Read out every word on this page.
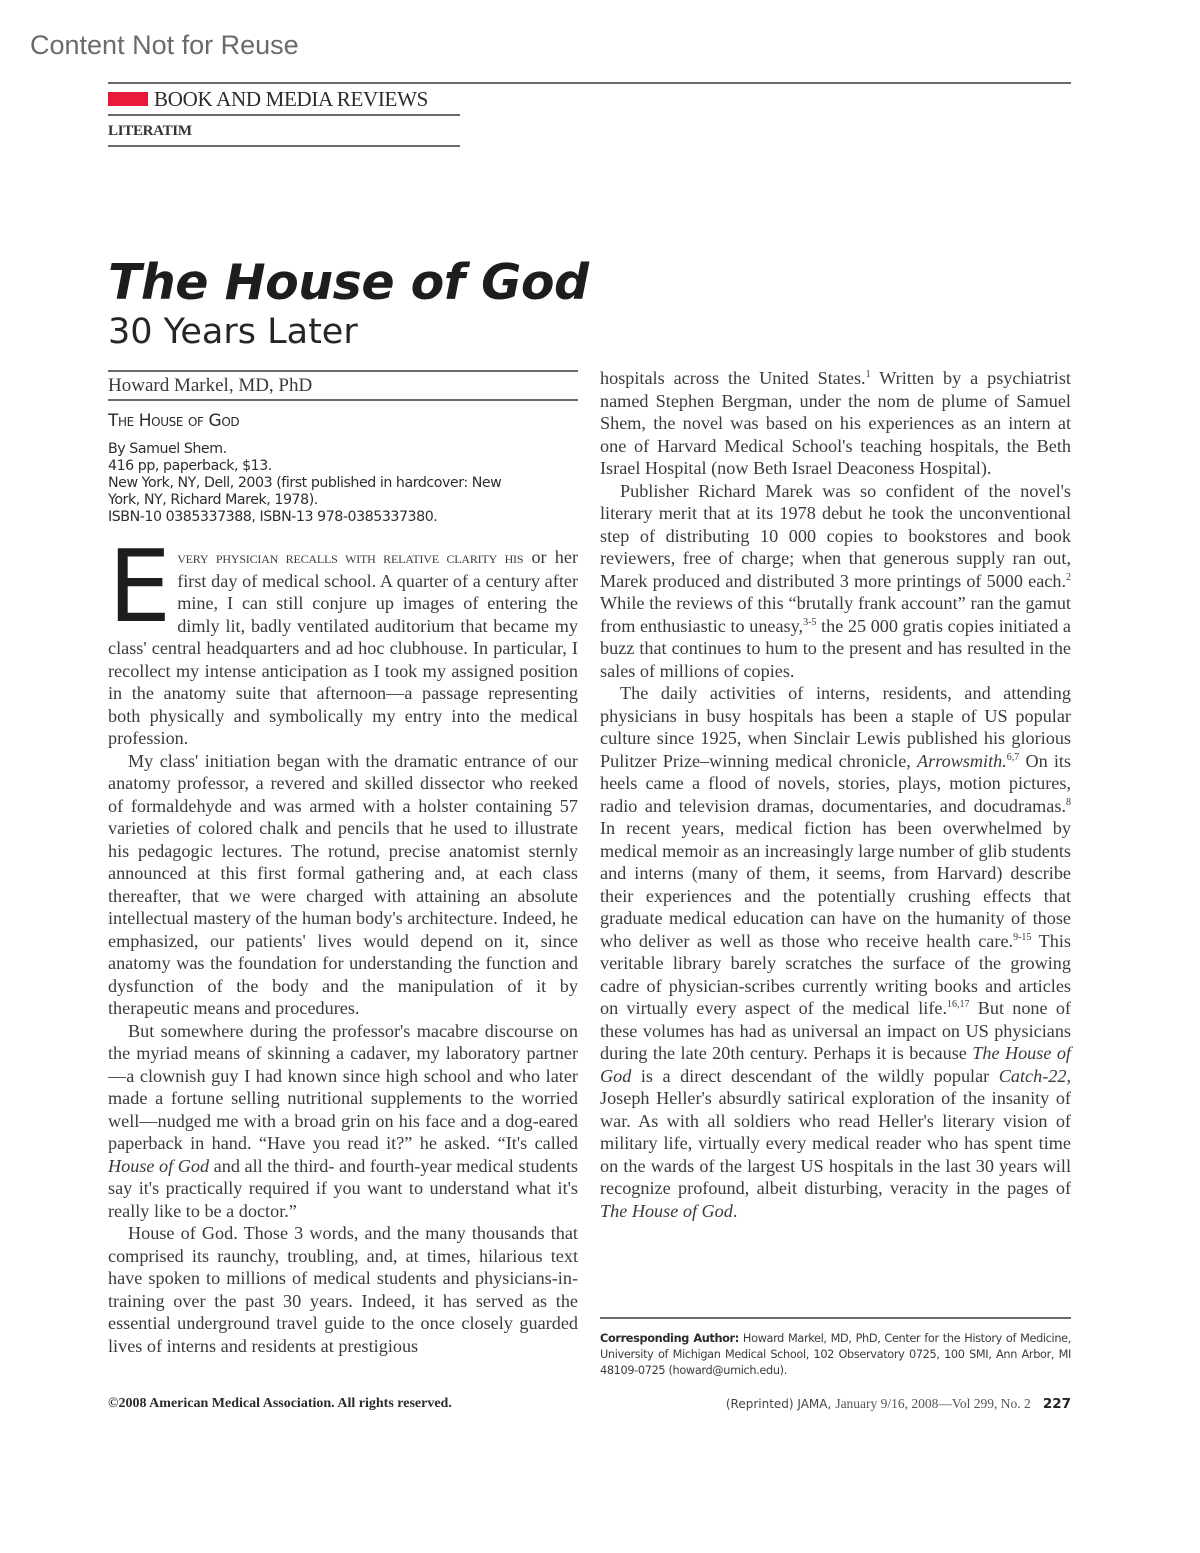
Content Not for Reuse
BOOK AND MEDIA REVIEWS
LITERATIM
The House of God
30 Years Later
Howard Markel, MD, PhD
The House of God
By Samuel Shem.
416 pp, paperback, $13.
New York, NY, Dell, 2003 (first published in hardcover: New
York, NY, Richard Marek, 1978).
ISBN-10 0385337388, ISBN-13 978-0385337380.

Every physician recalls with relative clarity his or her first day of medical school. A quarter of a century after mine, I can still conjure up images of entering the dimly lit, badly ventilated auditorium that became my class' central headquarters and ad hoc clubhouse. In particular, I recollect my intense anticipation as I took my assigned position in the anatomy suite that afternoon—a passage representing both physically and symbolically my entry into the medical profession.

My class' initiation began with the dramatic entrance of our anatomy professor, a revered and skilled dissector who reeked of formaldehyde and was armed with a holster containing 57 varieties of colored chalk and pencils that he used to illustrate his pedagogic lectures. The rotund, precise anatomist sternly announced at this first formal gathering and, at each class thereafter, that we were charged with attaining an absolute intellectual mastery of the human body's architecture. Indeed, he emphasized, our patients' lives would depend on it, since anatomy was the foundation for understanding the function and dysfunction of the body and the manipulation of it by therapeutic means and procedures.

But somewhere during the professor's macabre discourse on the myriad means of skinning a cadaver, my laboratory partner—a clownish guy I had known since high school and who later made a fortune selling nutritional supplements to the worried well—nudged me with a broad grin on his face and a dog-eared paperback in hand. “Have you read it?” he asked. “It's called House of God and all the third- and fourth-year medical students say it's practically required if you want to understand what it's really like to be a doctor.”

House of God. Those 3 words, and the many thousands that comprised its raunchy, troubling, and, at times, hilarious text have spoken to millions of medical students and physicians-in-training over the past 30 years. Indeed, it has served as the essential underground travel guide to the once closely guarded lives of interns and residents at prestigious

hospitals across the United States.$^1$ Written by a psychiatrist named Stephen Bergman, under the nom de plume of Samuel Shem, the novel was based on his experiences as an intern at one of Harvard Medical School's teaching hospitals, the Beth Israel Hospital (now Beth Israel Deaconess Hospital).

Publisher Richard Marek was so confident of the novel's literary merit that at its 1978 debut he took the unconventional step of distributing 10 000 copies to bookstores and book reviewers, free of charge; when that generous supply ran out, Marek produced and distributed 3 more printings of 5000 each.$^2$ While the reviews of this “brutally frank account” ran the gamut from enthusiastic to uneasy,$^{3-5}$ the 25 000 gratis copies initiated a buzz that continues to hum to the present and has resulted in the sales of millions of copies.

The daily activities of interns, residents, and attending physicians in busy hospitals has been a staple of US popular culture since 1925, when Sinclair Lewis published his glorious Pulitzer Prize–winning medical chronicle, Arrowsmith.$^{6,7}$ On its heels came a flood of novels, stories, plays, motion pictures, radio and television dramas, documentaries, and docudramas.$^8$ In recent years, medical fiction has been overwhelmed by medical memoir as an increasingly large number of glib students and interns (many of them, it seems, from Harvard) describe their experiences and the potentially crushing effects that graduate medical education can have on the humanity of those who deliver as well as those who receive health care.$^{9-15}$ This veritable library barely scratches the surface of the growing cadre of physician-scribes currently writing books and articles on virtually every aspect of the medical life.$^{16,17}$ But none of these volumes has had as universal an impact on US physicians during the late 20th century. Perhaps it is because The House of God is a direct descendant of the wildly popular Catch-22, Joseph Heller's absurdly satirical exploration of the insanity of war. As with all soldiers who read Heller's literary vision of military life, virtually every medical reader who has spent time on the wards of the largest US hospitals in the last 30 years will recognize profound, albeit disturbing, veracity in the pages of The House of God.

Corresponding Author: Howard Markel, MD, PhD, Center for the History of Medicine, University of Michigan Medical School, 102 Observatory 0725, 100 SMI, Ann Arbor, MI 48109-0725 (howard@umich.edu).
©2008 American Medical Association. All rights reserved.	(Reprinted) JAMA, January 9/16, 2008—Vol 299, No. 2 227
